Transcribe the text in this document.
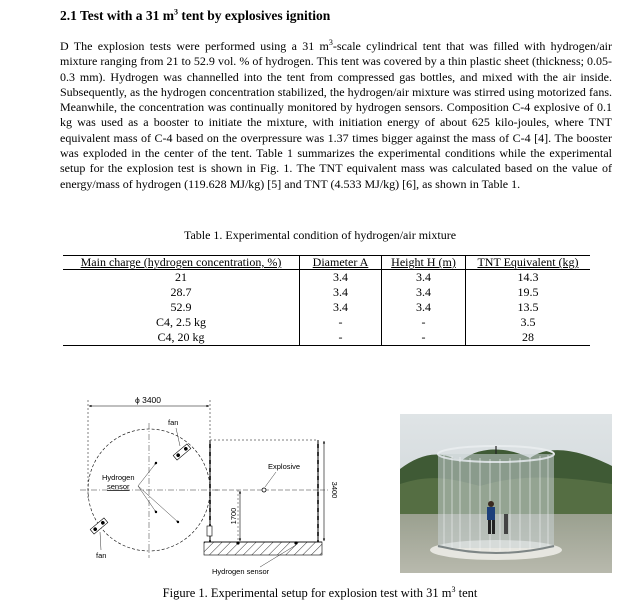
2.1 Test with a 31 $m^3$ tent by explosives ignition
D The explosion tests were performed using a 31 $m^3$-scale cylindrical tent that was filled with hydrogen/air mixture ranging from 21 to 52.9 vol. % of hydrogen. This tent was covered by a thin plastic sheet (thickness; 0.05-0.3 mm). Hydrogen was channelled into the tent from compressed gas bottles, and mixed with the air inside. Subsequently, as the hydrogen concentration stabilized, the hydrogen/air mixture was stirred using motorized fans. Meanwhile, the concentration was continually monitored by hydrogen sensors. Composition C-4 explosive of 0.1 kg was used as a booster to initiate the mixture, with initiation energy of about 625 kilo-joules, where TNT equivalent mass of C-4 based on the overpressure was 1.37 times bigger against the mass of C-4 [4]. The booster was exploded in the center of the tent. Table 1 summarizes the experimental conditions while the experimental setup for the explosion test is shown in Fig. 1. The TNT equivalent mass was calculated based on the value of energy/mass of hydrogen (119.628 MJ/kg) [5] and TNT (4.533 MJ/kg) [6], as shown in Table 1.
Table 1. Experimental condition of hydrogen/air mixture
Main charge (hydrogen concentration, %)	Diameter A	Height H (m)	TNT Equivalent (kg)
21	3.4	3.4	14.3
28.7	3.4	3.4	19.5
52.9	3.4	3.4	13.5
C4, 2.5 kg	-	-	3.5
C4, 20 kg	-	-	28
ϕ 3400
fan
fan
Hydrogen
sensor
1700
3400
Explosive
Hydrogen sensor
Figure 1. Experimental setup for explosion test with 31 $m^3$ tent
